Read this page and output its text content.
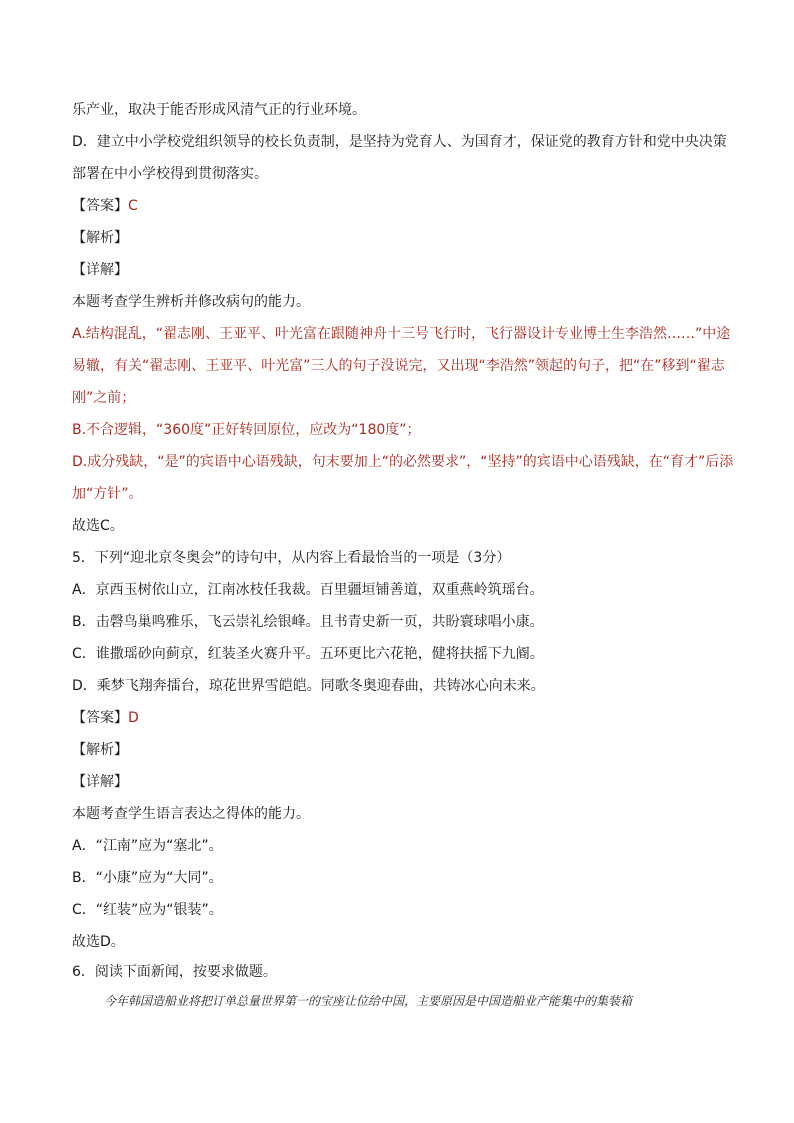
乐产业，取决于能否形成风清气正的行业环境。
D．建立中小学校党组织领导的校长负责制，是坚持为党育人、为国育才，保证党的教育方针和党中央决策
部署在中小学校得到贯彻落实。
【答案】C
【解析】
【详解】
本题考查学生辨析并修改病句的能力。
A.结构混乱，“翟志刚、王亚平、叶光富在跟随神舟十三号飞行时，飞行器设计专业博士生李浩然……”中途
易辙，有关“翟志刚、王亚平、叶光富”三人的句子没说完，又出现“李浩然”领起的句子，把“在”移到“翟志
刚”之前；
B.不合逻辑，“360度”正好转回原位，应改为“180度”；
D.成分残缺，“是”的宾语中心语残缺，句末要加上“的必然要求”，“坚持”的宾语中心语残缺，在“育才”后添
加“方针”。
故选C。
5．下列“迎北京冬奥会”的诗句中，从内容上看最恰当的一项是（3分）
A．京西玉树依山立，江南冰枝任我裁。百里疆垣铺善道，双重燕岭筑瑶台。
B．击磬鸟巢鸣雅乐，飞云崇礼绘银峰。且书青史新一页，共盼寰球唱小康。
C．谁撒瑶砂向蓟京，红装圣火赛升平。五环更比六花艳，健将扶摇下九阍。
D．乘梦飞翔奔擂台，琼花世界雪皑皑。同歌冬奥迎春曲，共铸冰心向未来。
【答案】D
【解析】
【详解】
本题考查学生语言表达之得体的能力。
A．“江南”应为“塞北”。
B．“小康”应为“大同”。
C．“红装”应为“银装”。
故选D。
6．阅读下面新闻，按要求做题。
今年韩国造船业将把订单总量世界第一的宝座让位给中国，主要原因是中国造船业产能集中的集装箱
